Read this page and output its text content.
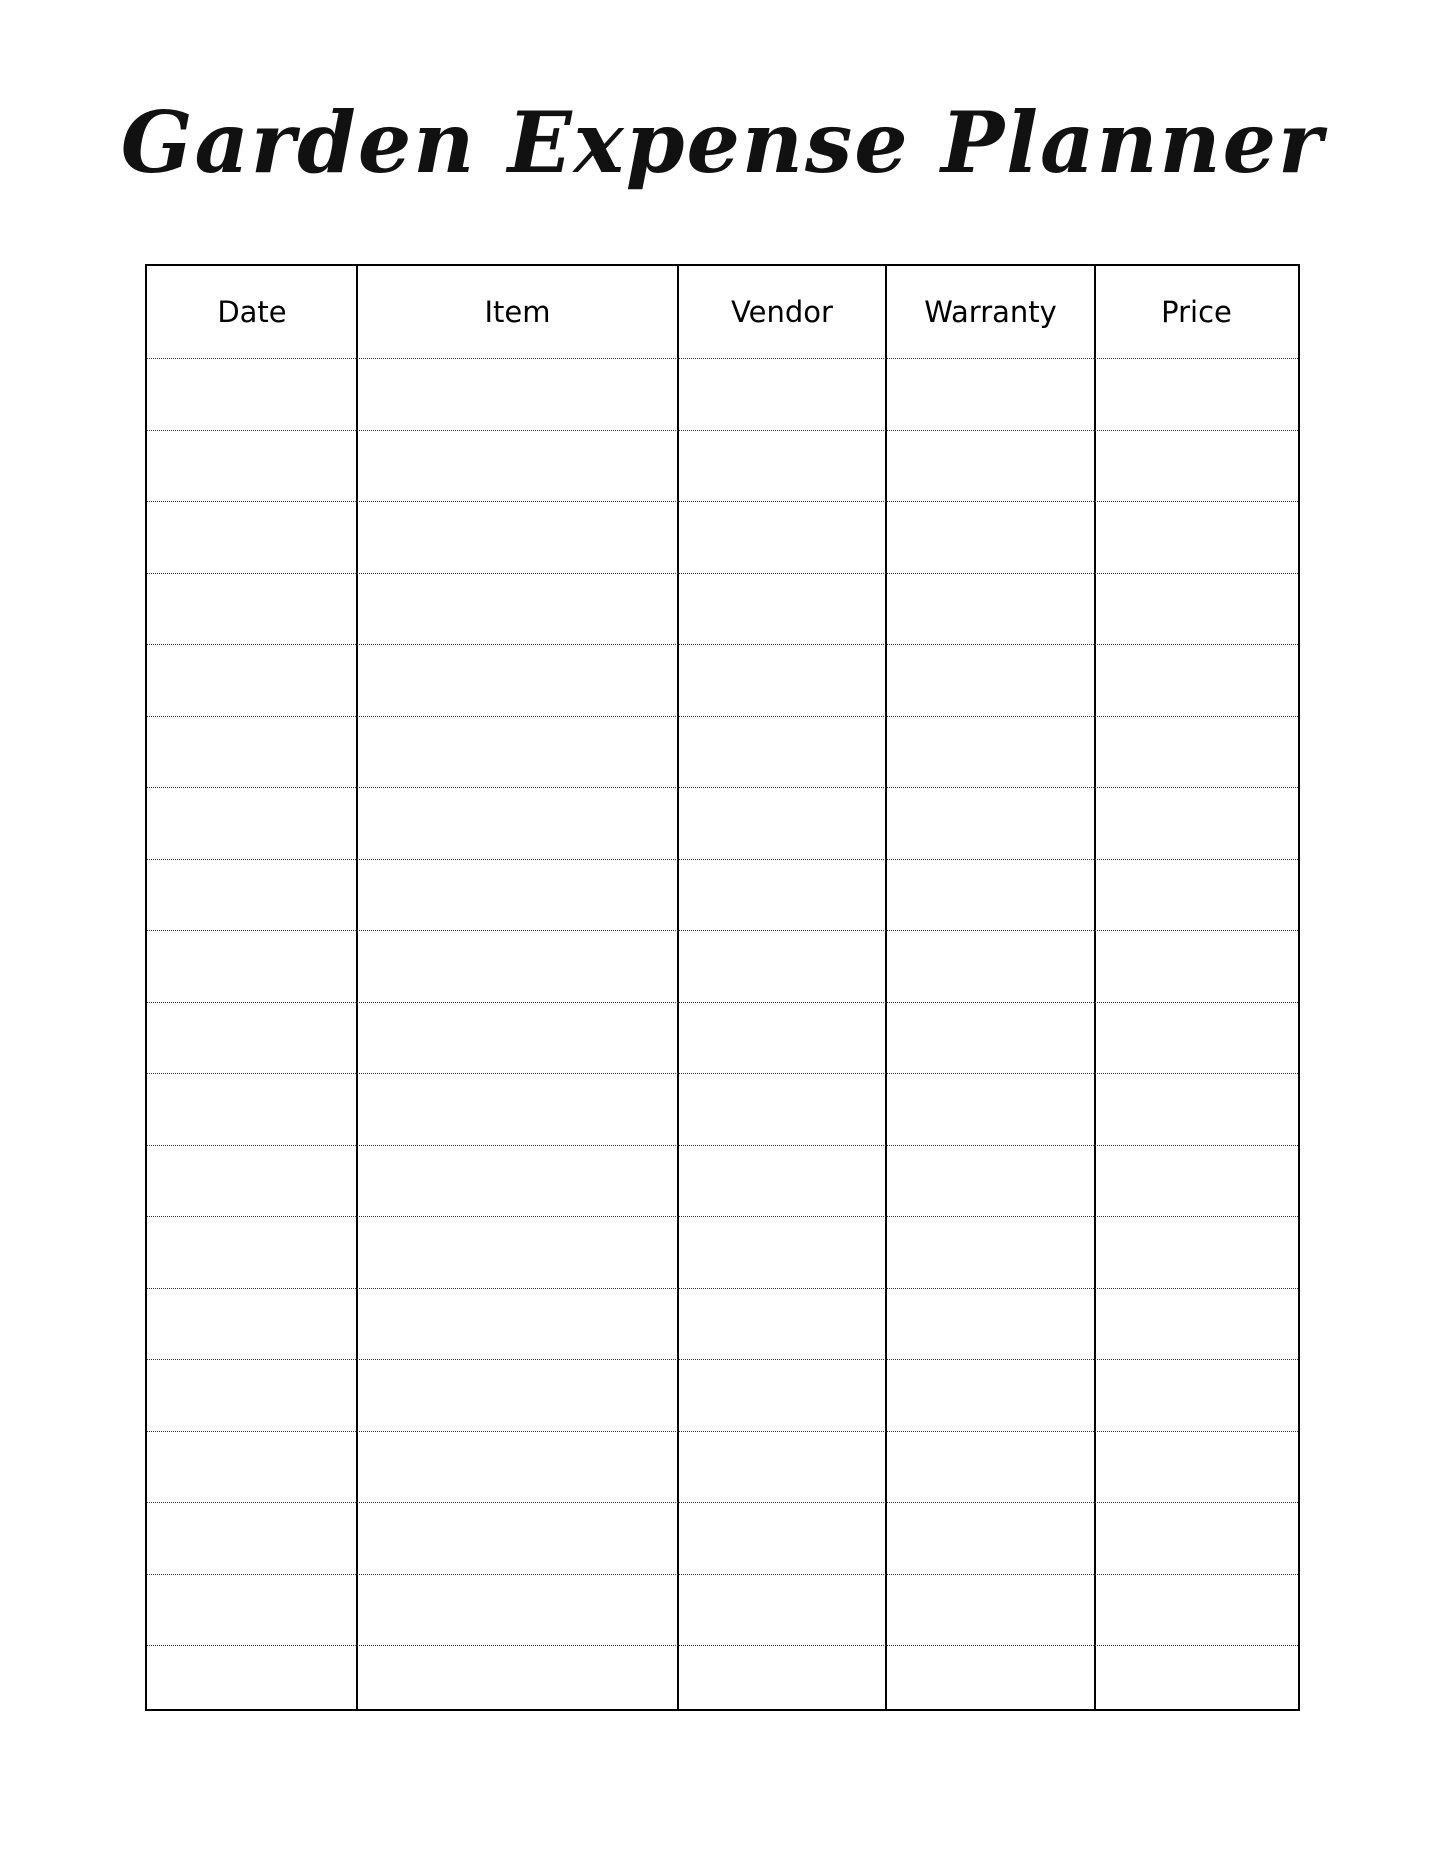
Garden Expense Planner
Date	Item	Vendor	Warranty	Price
